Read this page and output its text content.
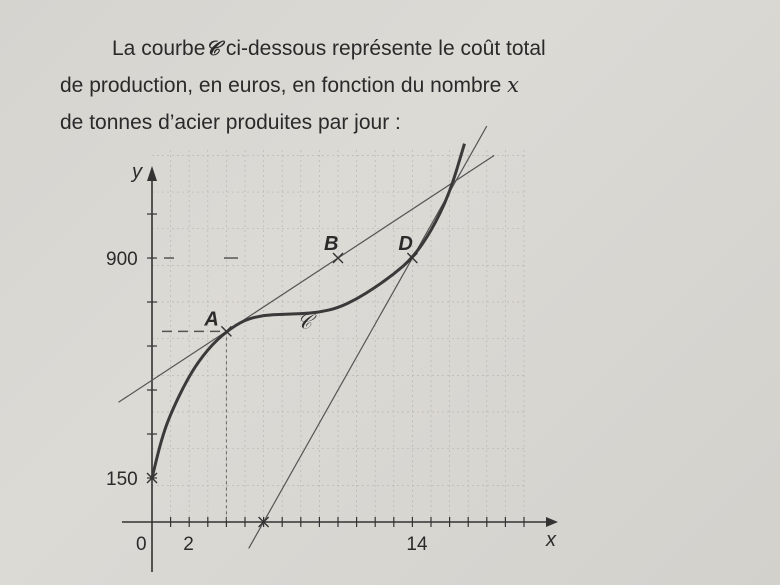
La courbe𝒞 ci-dessous représente le coût total

de production, en euros, en fonction du nombre x

de tonnes d’acier produites par jour :

2	14
150
900
A
B	D
y
x
0
𝒞
